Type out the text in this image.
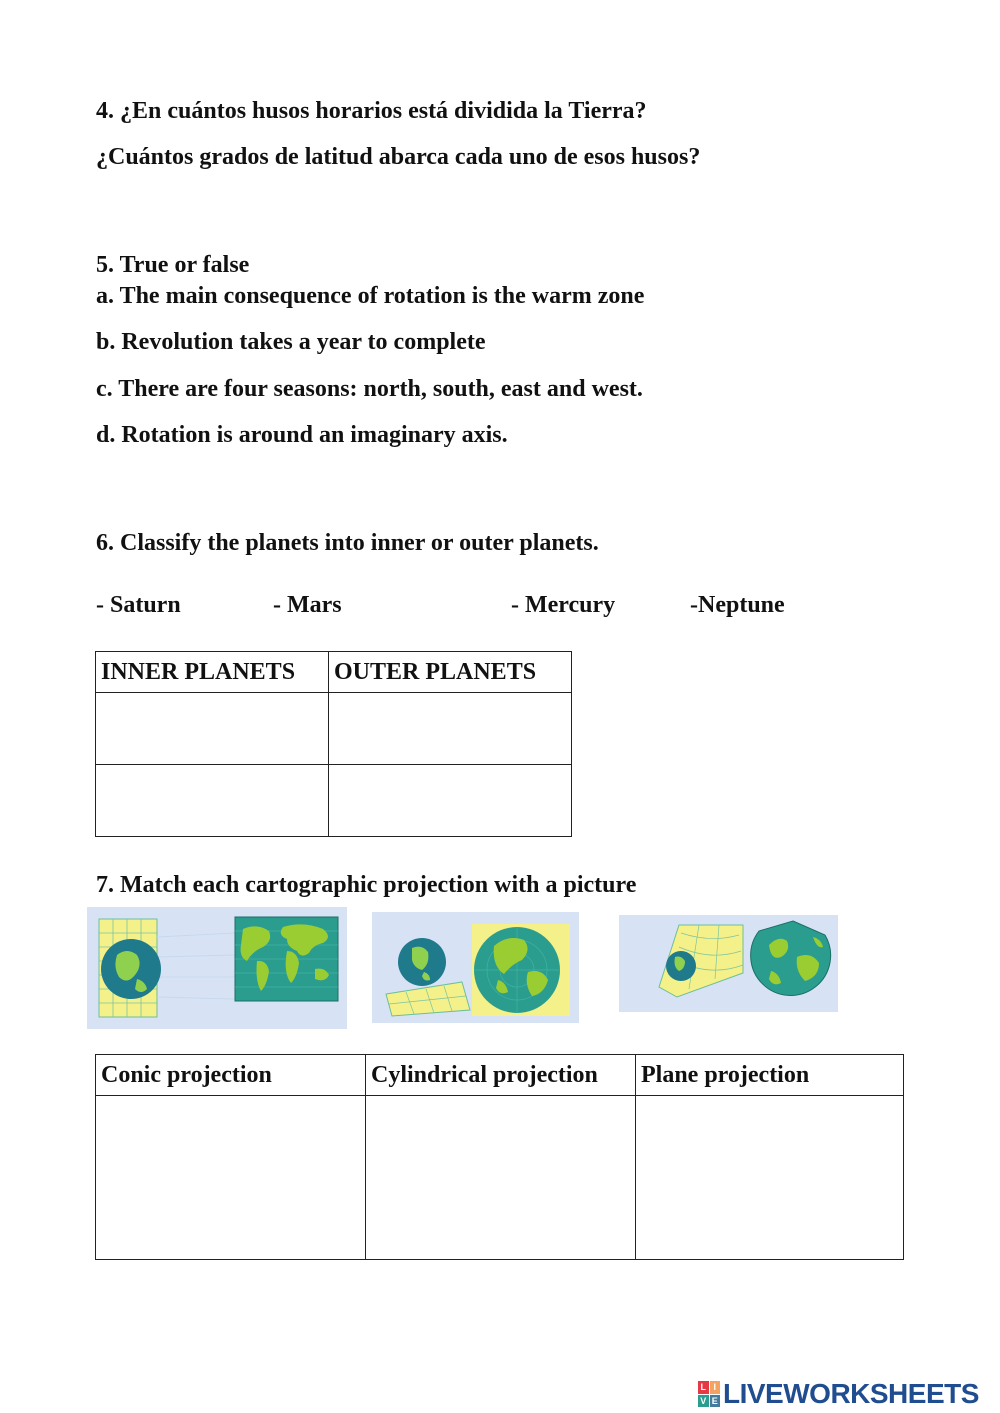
4. ¿En cuántos husos horarios está dividida la Tierra?
¿Cuántos grados de latitud abarca cada uno de esos husos?
5. True or false
a. The main consequence of rotation is the warm zone
b. Revolution takes a year to complete
c. There are four seasons: north, south, east and west.
d. Rotation is around an imaginary axis.
6. Classify the planets into inner or outer planets.
- Saturn	- Mars	- Mercury	-Neptune
INNER PLANETS	OUTER PLANETS

7. Match each cartographic projection with a picture
Conic projection	Cylindrical projection	Plane projection

L I
V E LIVEWORKSHEETS
